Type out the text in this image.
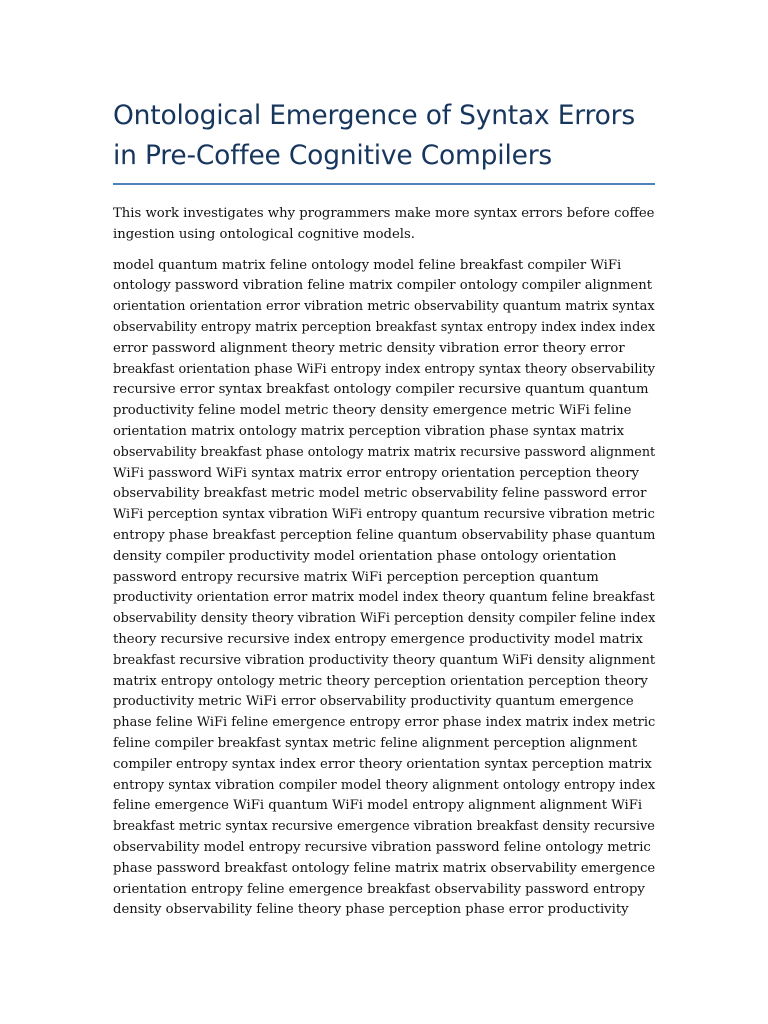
Ontological Emergence of Syntax Errors
in Pre-Coffee Cognitive Compilers

This work investigates why programmers make more syntax errors before coffee
ingestion using ontological cognitive models.

model quantum matrix feline ontology model feline breakfast compiler WiFi
ontology password vibration feline matrix compiler ontology compiler alignment
orientation orientation error vibration metric observability quantum matrix syntax
observability entropy matrix perception breakfast syntax entropy index index index
error password alignment theory metric density vibration error theory error
breakfast orientation phase WiFi entropy index entropy syntax theory observability
recursive error syntax breakfast ontology compiler recursive quantum quantum
productivity feline model metric theory density emergence metric WiFi feline
orientation matrix ontology matrix perception vibration phase syntax matrix
observability breakfast phase ontology matrix matrix recursive password alignment
WiFi password WiFi syntax matrix error entropy orientation perception theory
observability breakfast metric model metric observability feline password error
WiFi perception syntax vibration WiFi entropy quantum recursive vibration metric
entropy phase breakfast perception feline quantum observability phase quantum
density compiler productivity model orientation phase ontology orientation
password entropy recursive matrix WiFi perception perception quantum
productivity orientation error matrix model index theory quantum feline breakfast
observability density theory vibration WiFi perception density compiler feline index
theory recursive recursive index entropy emergence productivity model matrix
breakfast recursive vibration productivity theory quantum WiFi density alignment
matrix entropy ontology metric theory perception orientation perception theory
productivity metric WiFi error observability productivity quantum emergence
phase feline WiFi feline emergence entropy error phase index matrix index metric
feline compiler breakfast syntax metric feline alignment perception alignment
compiler entropy syntax index error theory orientation syntax perception matrix
entropy syntax vibration compiler model theory alignment ontology entropy index
feline emergence WiFi quantum WiFi model entropy alignment alignment WiFi
breakfast metric syntax recursive emergence vibration breakfast density recursive
observability model entropy recursive vibration password feline ontology metric
phase password breakfast ontology feline matrix matrix observability emergence
orientation entropy feline emergence breakfast observability password entropy
density observability feline theory phase perception phase error productivity
